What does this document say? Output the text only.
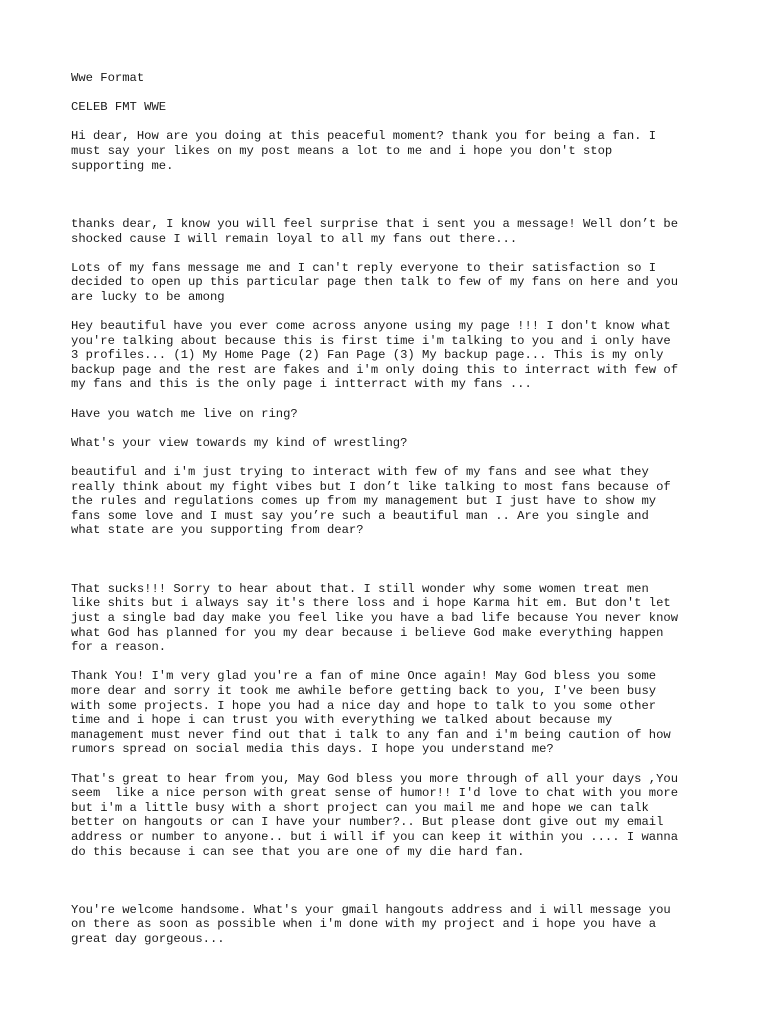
Wwe Format

CELEB FMT WWE

Hi dear, How are you doing at this peaceful moment? thank you for being a fan. I
must say your likes on my post means a lot to me and i hope you don't stop
supporting me.

thanks dear, I know you will feel surprise that i sent you a message! Well don’t be
shocked cause I will remain loyal to all my fans out there...

Lots of my fans message me and I can't reply everyone to their satisfaction so I
decided to open up this particular page then talk to few of my fans on here and you
are lucky to be among

Hey beautiful have you ever come across anyone using my page !!! I don't know what
you're talking about because this is first time i'm talking to you and i only have
3 profiles... (1) My Home Page (2) Fan Page (3) My backup page... This is my only
backup page and the rest are fakes and i'm only doing this to interract with few of
my fans and this is the only page i intterract with my fans ...

Have you watch me live on ring?

What's your view towards my kind of wrestling?

beautiful and i'm just trying to interact with few of my fans and see what they
really think about my fight vibes but I don’t like talking to most fans because of
the rules and regulations comes up from my management but I just have to show my
fans some love and I must say you’re such a beautiful man .. Are you single and
what state are you supporting from dear?

That sucks!!! Sorry to hear about that. I still wonder why some women treat men
like shits but i always say it's there loss and i hope Karma hit em. But don't let
just a single bad day make you feel like you have a bad life because You never know
what God has planned for you my dear because i believe God make everything happen
for a reason.

Thank You! I'm very glad you're a fan of mine Once again! May God bless you some
more dear and sorry it took me awhile before getting back to you, I've been busy
with some projects. I hope you had a nice day and hope to talk to you some other
time and i hope i can trust you with everything we talked about because my
management must never find out that i talk to any fan and i'm being caution of how
rumors spread on social media this days. I hope you understand me?

That's great to hear from you, May God bless you more through of all your days ,You
seem  like a nice person with great sense of humor!! I'd love to chat with you more
but i'm a little busy with a short project can you mail me and hope we can talk
better on hangouts or can I have your number?.. But please dont give out my email
address or number to anyone.. but i will if you can keep it within you .... I wanna
do this because i can see that you are one of my die hard fan.

You're welcome handsome. What's your gmail hangouts address and i will message you
on there as soon as possible when i'm done with my project and i hope you have a
great day gorgeous...
